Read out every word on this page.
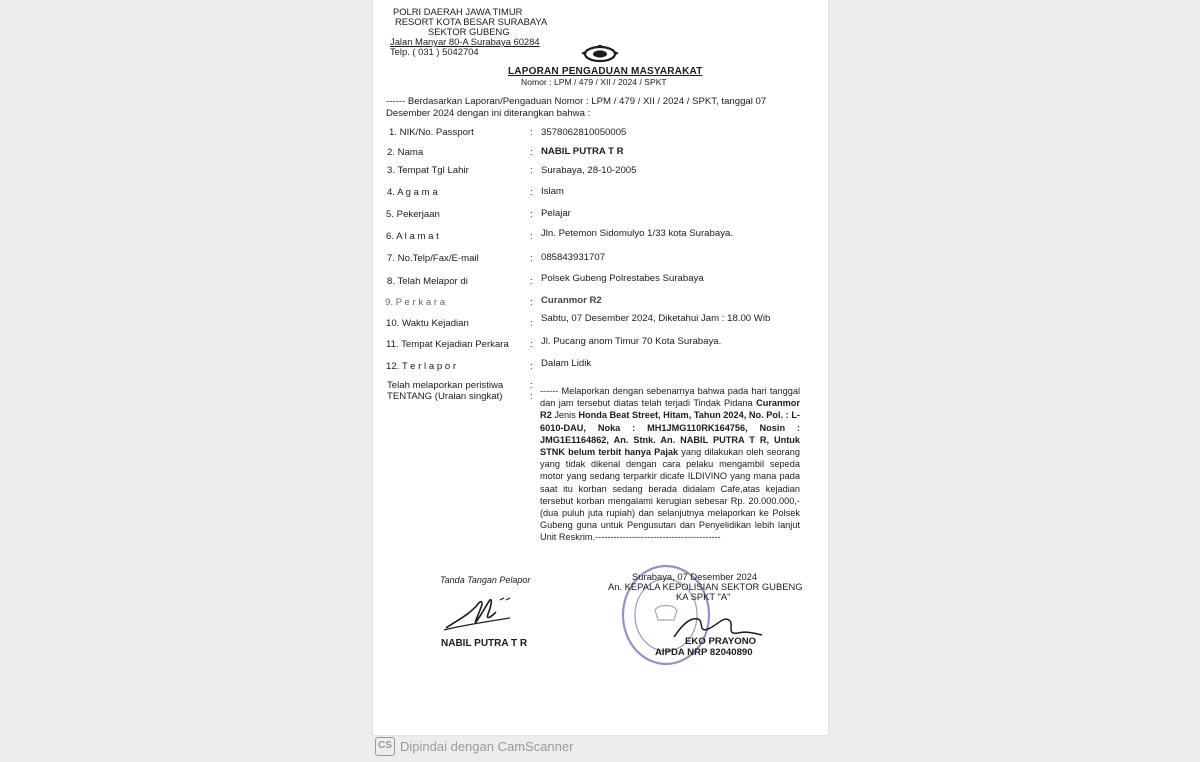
POLRI DAERAH JAWA TIMUR
RESORT KOTA BESAR SURABAYA
SEKTOR GUBENG
Jalan Manyar 80-A Surabaya 60284
Telp. ( 031 ) 5042704
LAPORAN PENGADUAN MASYARAKAT
Nomor : LPM / 479 / XII / 2024 / SPKT
------ Berdasarkan Laporan/Pengaduan Nomor : LPM / 479 / XII / 2024 / SPKT, tanggal 07
Desember 2024 dengan ini diterangkan bahwa :
1. NIK/No. Passport	: 3578062810050005
2. Nama	: NABIL PUTRA T R
3. Tempat Tgl Lahir	: Surabaya, 28-10-2005
4. A g a m a	: Islam
5. Pekerjaan	: Pelajar
6. A l a m a t	: Jln. Petemon Sidomulyo 1/33 kota Surabaya.
7. No.Telp/Fax/E-mail	: 085843931707
8. Telah Melapor di	: Polsek Gubeng Polrestabes Surabaya
9. P e r k a r a	: Curanmor R2
10. Waktu Kejadian	: Sabtu, 07 Desember 2024, Diketahui Jam : 18.00 Wib
11. Tempat Kejadian Perkara : Jl. Pucang anom Timur 70 Kota Surabaya.
12. T e r l a p o r	: Dalam Lidik
Telah melaporkan peristiwa
TENTANG (Uraian singkat)
:
: ------ Melaporkan dengan sebenarnya bahwa pada hari tanggal dan jam tersebut diatas telah terjadi Tindak Pidana Curanmor R2 Jenis Honda Beat Street, Hitam, Tahun 2024, No. Pol. : L-6010-DAU, Noka : MH1JMG110RK164756, Nosin : JMG1E1164862, An. Stnk. An. NABIL PUTRA T R, Untuk STNK belum terbit hanya Pajak yang dilakukan oleh seorang yang tidak dikenal dengan cara pelaku mengambil sepeda motor yang sedang terparkir dicafe ILDIVINO yang mana pada saat itu korban sedang berada didalam Cafe,atas kejadian tersebut korban mengalami kerugian sebesar Rp. 20.000.000,- (dua puluh juta rupiah) dan selanjutnya melaporkan ke Polsek Gubeng guna untuk Pengusutan dan Penyelidikan lebih lanjut Unit Reskrim.-----------------------------------------
Tanda Tangan Pelapor
NABIL PUTRA T R
Surabaya, 07 Desember 2024
An. KEPALA KEPOLISIAN SEKTOR GUBENG
KA SPKT "A"
EKO PRAYONO
AIPDA NRP 82040890
CS Dipindai dengan CamScanner
